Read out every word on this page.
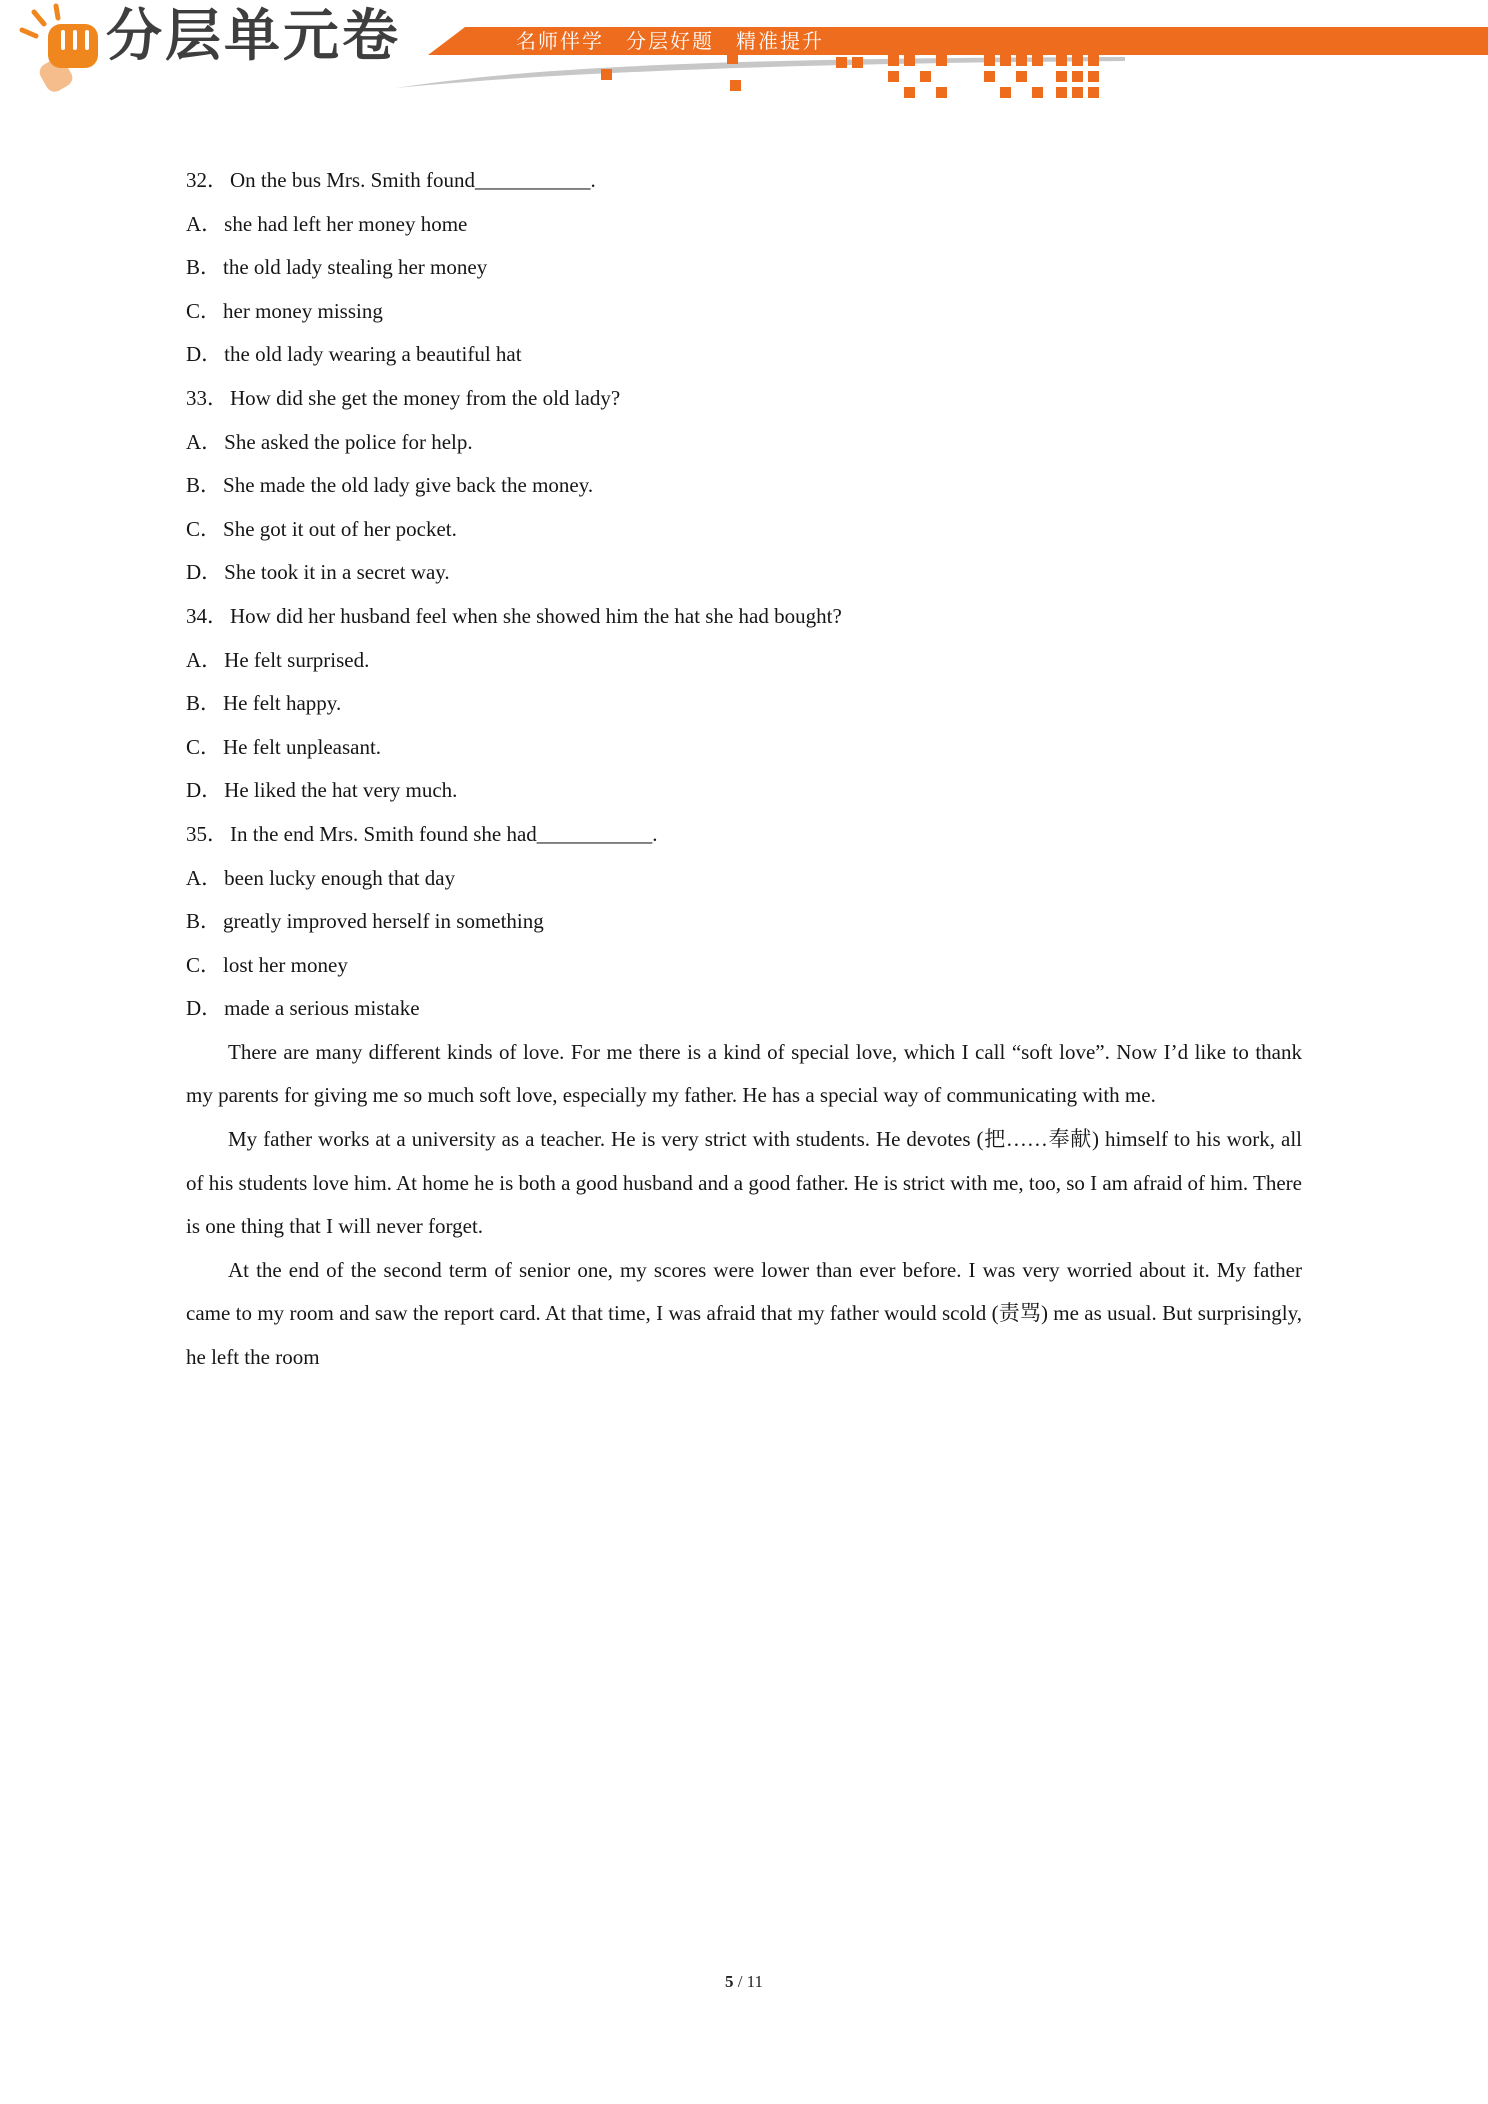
分层单元卷	名师伴学　分层好题　精准提升
32．On the bus Mrs. Smith found___________.
A．she had left her money home
B．the old lady stealing her money
C．her money missing
D．the old lady wearing a beautiful hat
33．How did she get the money from the old lady?
A．She asked the police for help.
B．She made the old lady give back the money.
C．She got it out of her pocket.
D．She took it in a secret way.
34．How did her husband feel when she showed him the hat she had bought?
A．He felt surprised.
B．He felt happy.
C．He felt unpleasant.
D．He liked the hat very much.
35．In the end Mrs. Smith found she had___________.
A．been lucky enough that day
B．greatly improved herself in something
C．lost her money
D．made a serious mistake

There are many different kinds of love. For me there is a kind of special love, which I call “soft love”. Now I’d like to thank my parents for giving me so much soft love, especially my father. He has a special way of communicating with me.

My father works at a university as a teacher. He is very strict with students. He devotes (把……奉献) himself to his work, all of his students love him. At home he is both a good husband and a good father. He is strict with me, too, so I am afraid of him. There is one thing that I will never forget.

At the end of the second term of senior one, my scores were lower than ever before. I was very worried about it. My father came to my room and saw the report card. At that time, I was afraid that my father would scold (责骂) me as usual. But surprisingly, he left the room

5 / 11
